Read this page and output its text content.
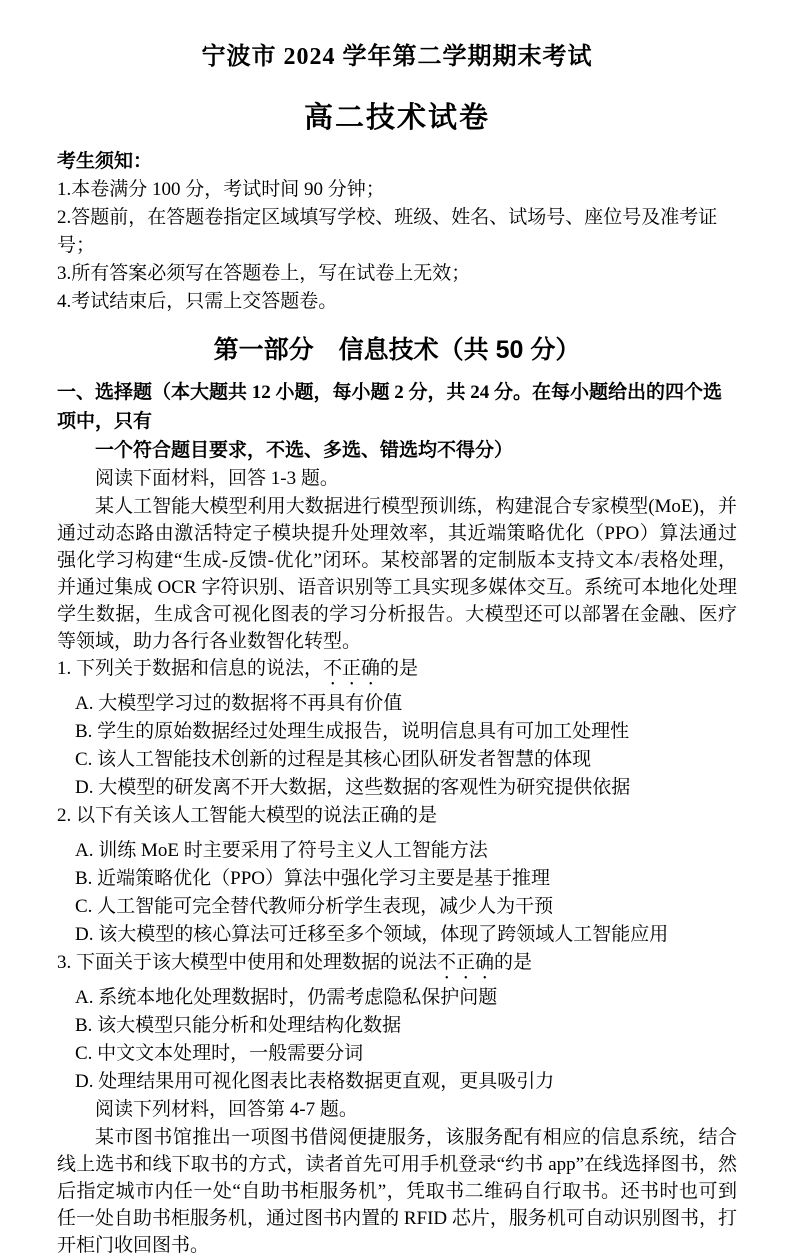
宁波市 2024 学年第二学期期末考试
高二技术试卷
考生须知：
1.本卷满分 100 分，考试时间 90 分钟；
2.答题前，在答题卷指定区域填写学校、班级、姓名、试场号、座位号及准考证号；
3.所有答案必须写在答题卷上，写在试卷上无效；
4.考试结束后，只需上交答题卷。
第一部分　信息技术（共 50 分）
一、选择题（本大题共 12 小题，每小题 2 分，共 24 分。在每小题给出的四个选项中，只有
一个符合题目要求，不选、多选、错选均不得分）
阅读下面材料，回答 1-3 题。
某人工智能大模型利用大数据进行模型预训练，构建混合专家模型(MoE)，并通过动态路由激活特定子模块提升处理效率，其近端策略优化（PPO）算法通过强化学习构建“生成-反馈-优化”闭环。某校部署的定制版本支持文本/表格处理，并通过集成 OCR 字符识别、语音识别等工具实现多媒体交互。系统可本地化处理学生数据，生成含可视化图表的学习分析报告。大模型还可以部署在金融、医疗等领域，助力各行各业数智化转型。
1. 下列关于数据和信息的说法，不正确的是
A. 大模型学习过的数据将不再具有价值
B. 学生的原始数据经过处理生成报告，说明信息具有可加工处理性
C. 该人工智能技术创新的过程是其核心团队研发者智慧的体现
D. 大模型的研发离不开大数据，这些数据的客观性为研究提供依据
2. 以下有关该人工智能大模型的说法正确的是
A. 训练 MoE 时主要采用了符号主义人工智能方法
B. 近端策略优化（PPO）算法中强化学习主要是基于推理
C. 人工智能可完全替代教师分析学生表现，减少人为干预
D. 该大模型的核心算法可迁移至多个领域，体现了跨领域人工智能应用
3. 下面关于该大模型中使用和处理数据的说法不正确的是
A. 系统本地化处理数据时，仍需考虑隐私保护问题
B. 该大模型只能分析和处理结构化数据
C. 中文文本处理时，一般需要分词
D. 处理结果用可视化图表比表格数据更直观，更具吸引力
阅读下列材料，回答第 4-7 题。
某市图书馆推出一项图书借阅便捷服务，该服务配有相应的信息系统，结合线上选书和线下取书的方式，读者首先可用手机登录“约书 app”在线选择图书，然后指定城市内任一处“自助书柜服务机”，凭取书二维码自行取书。还书时也可到任一处自助书柜服务机，通过图书内置的 RFID 芯片，服务机可自动识别图书，打开柜门收回图书。
